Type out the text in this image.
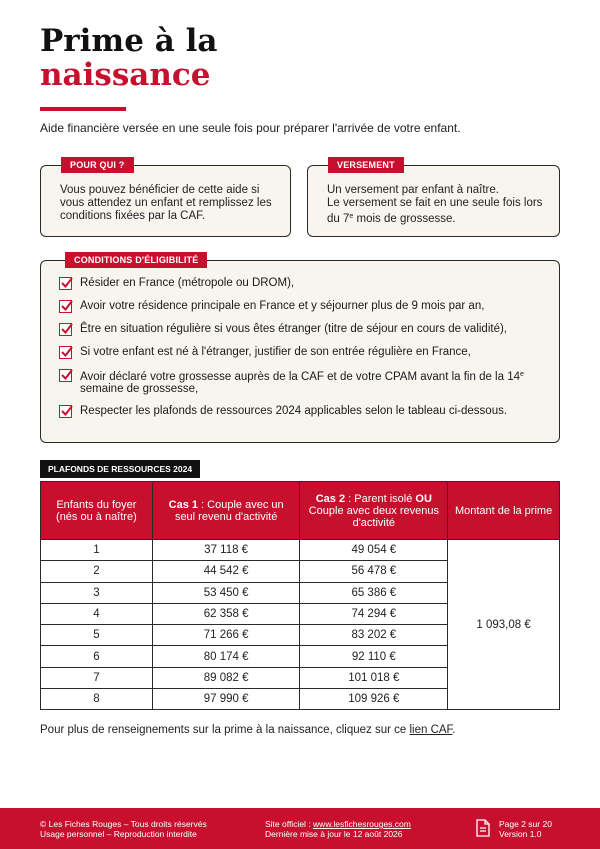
Prime à la
naissance
Aide financière versée en une seule fois pour préparer l'arrivée de votre enfant.
POUR QUI ?
Vous pouvez bénéficier de cette aide si vous attendez un enfant et remplissez les conditions fixées par la CAF.
VERSEMENT
Un versement par enfant à naître.
Le versement se fait en une seule fois lors du 7e mois de grossesse.
CONDITIONS D'ÉLIGIBILITÉ
Résider en France (métropole ou DROM),
Avoir votre résidence principale en France et y séjourner plus de 9 mois par an,
Être en situation régulière si vous êtes étranger (titre de séjour en cours de validité),
Si votre enfant est né à l'étranger, justifier de son entrée régulière en France,
Avoir déclaré votre grossesse auprès de la CAF et de votre CPAM avant la fin de la 14e semaine de grossesse,
Respecter les plafonds de ressources 2024 applicables selon le tableau ci-dessous.
PLAFONDS DE RESSOURCES 2024
Enfants du foyer (nés ou à naître)	Cas 1 : Couple avec un seul revenu d'activité	Cas 2 : Parent isolé OU Couple avec deux revenus d'activité	Montant de la prime
1	37 118 €	49 054 €	1 093,08 €
2	44 542 €	56 478 €	
3	53 450 €	65 386 €	
4	62 358 €	74 294 €	
5	71 266 €	83 202 €	
6	80 174 €	92 110 €	
7	89 082 €	101 018 €	
8	97 990 €	109 926 €	
Pour plus de renseignements sur la prime à la naissance, cliquez sur ce lien CAF.
© Les Fiches Rouges – Tous droits réservés
Usage personnel – Reproduction interdite
Site officiel : www.lesfichesrouges.com
Dernière mise à jour le 12 août 2026
Page 2 sur 20
Version 1.0
